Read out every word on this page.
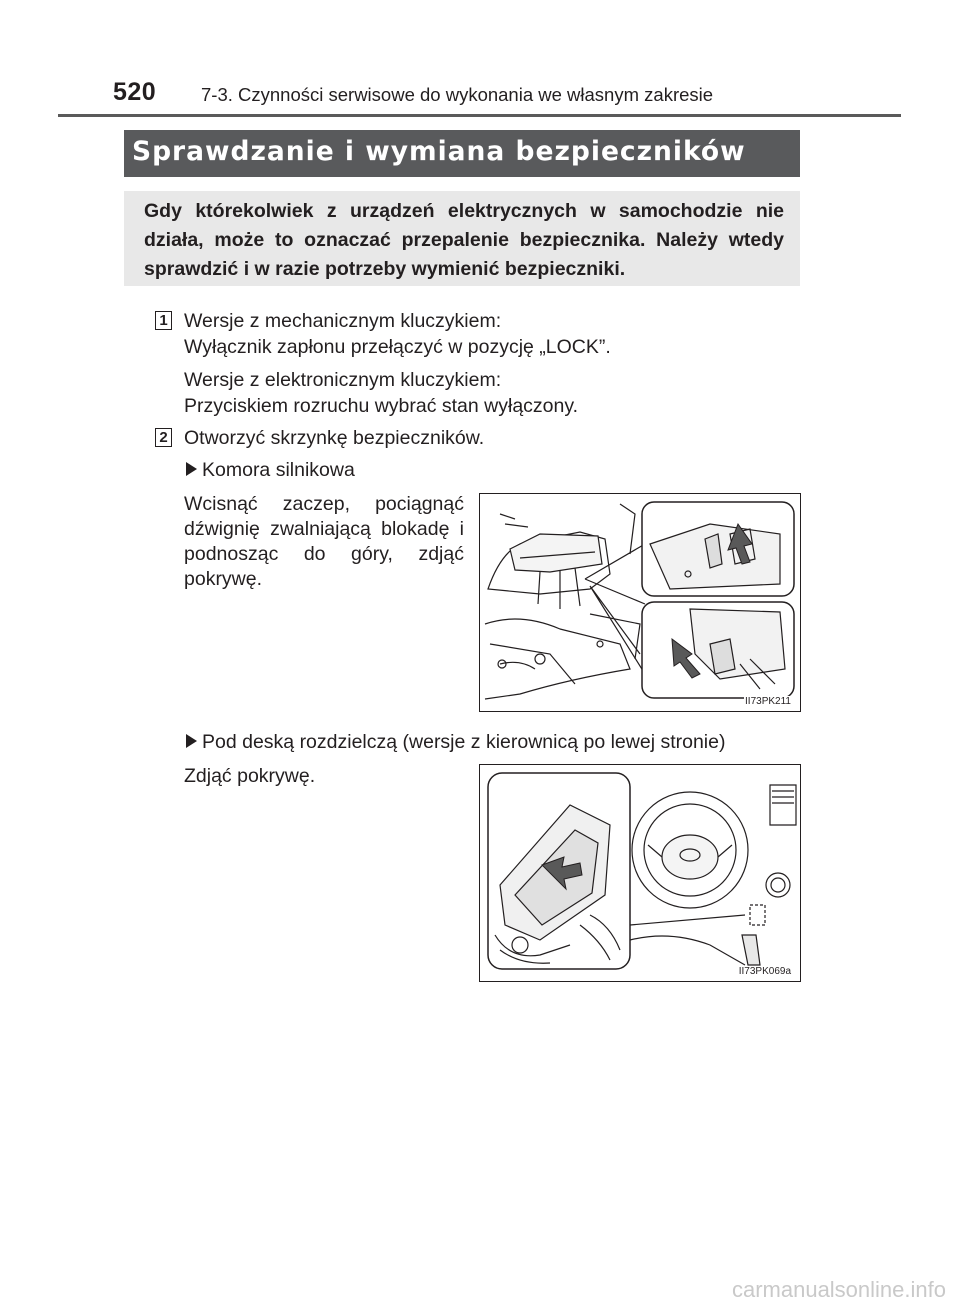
520 7-3. Czynności serwisowe do wykonania we własnym zakresie
Sprawdzanie i wymiana bezpieczników
Gdy którekolwiek z urządzeń elektrycznych w samochodzie nie działa, może to oznaczać przepalenie bezpiecznika. Należy wtedy sprawdzić i w razie potrzeby wymienić bezpieczniki.
1 Wersje z mechanicznym kluczykiem:
Wyłącznik zapłonu przełączyć w pozycję „LOCK”.
Wersje z elektronicznym kluczykiem:
Przyciskiem rozruchu wybrać stan wyłączony.
2 Otworzyć skrzynkę bezpieczników.
Komora silnikowa
Wcisnąć zaczep, pociągnąć dźwignię zwalniającą blokadę i podnosząc do góry, zdjąć pokrywę.
II73PK211
Pod deską rozdzielczą (wersje z kierownicą po lewej stronie)
Zdjąć pokrywę.
II73PK069a
carmanualsonline.info
